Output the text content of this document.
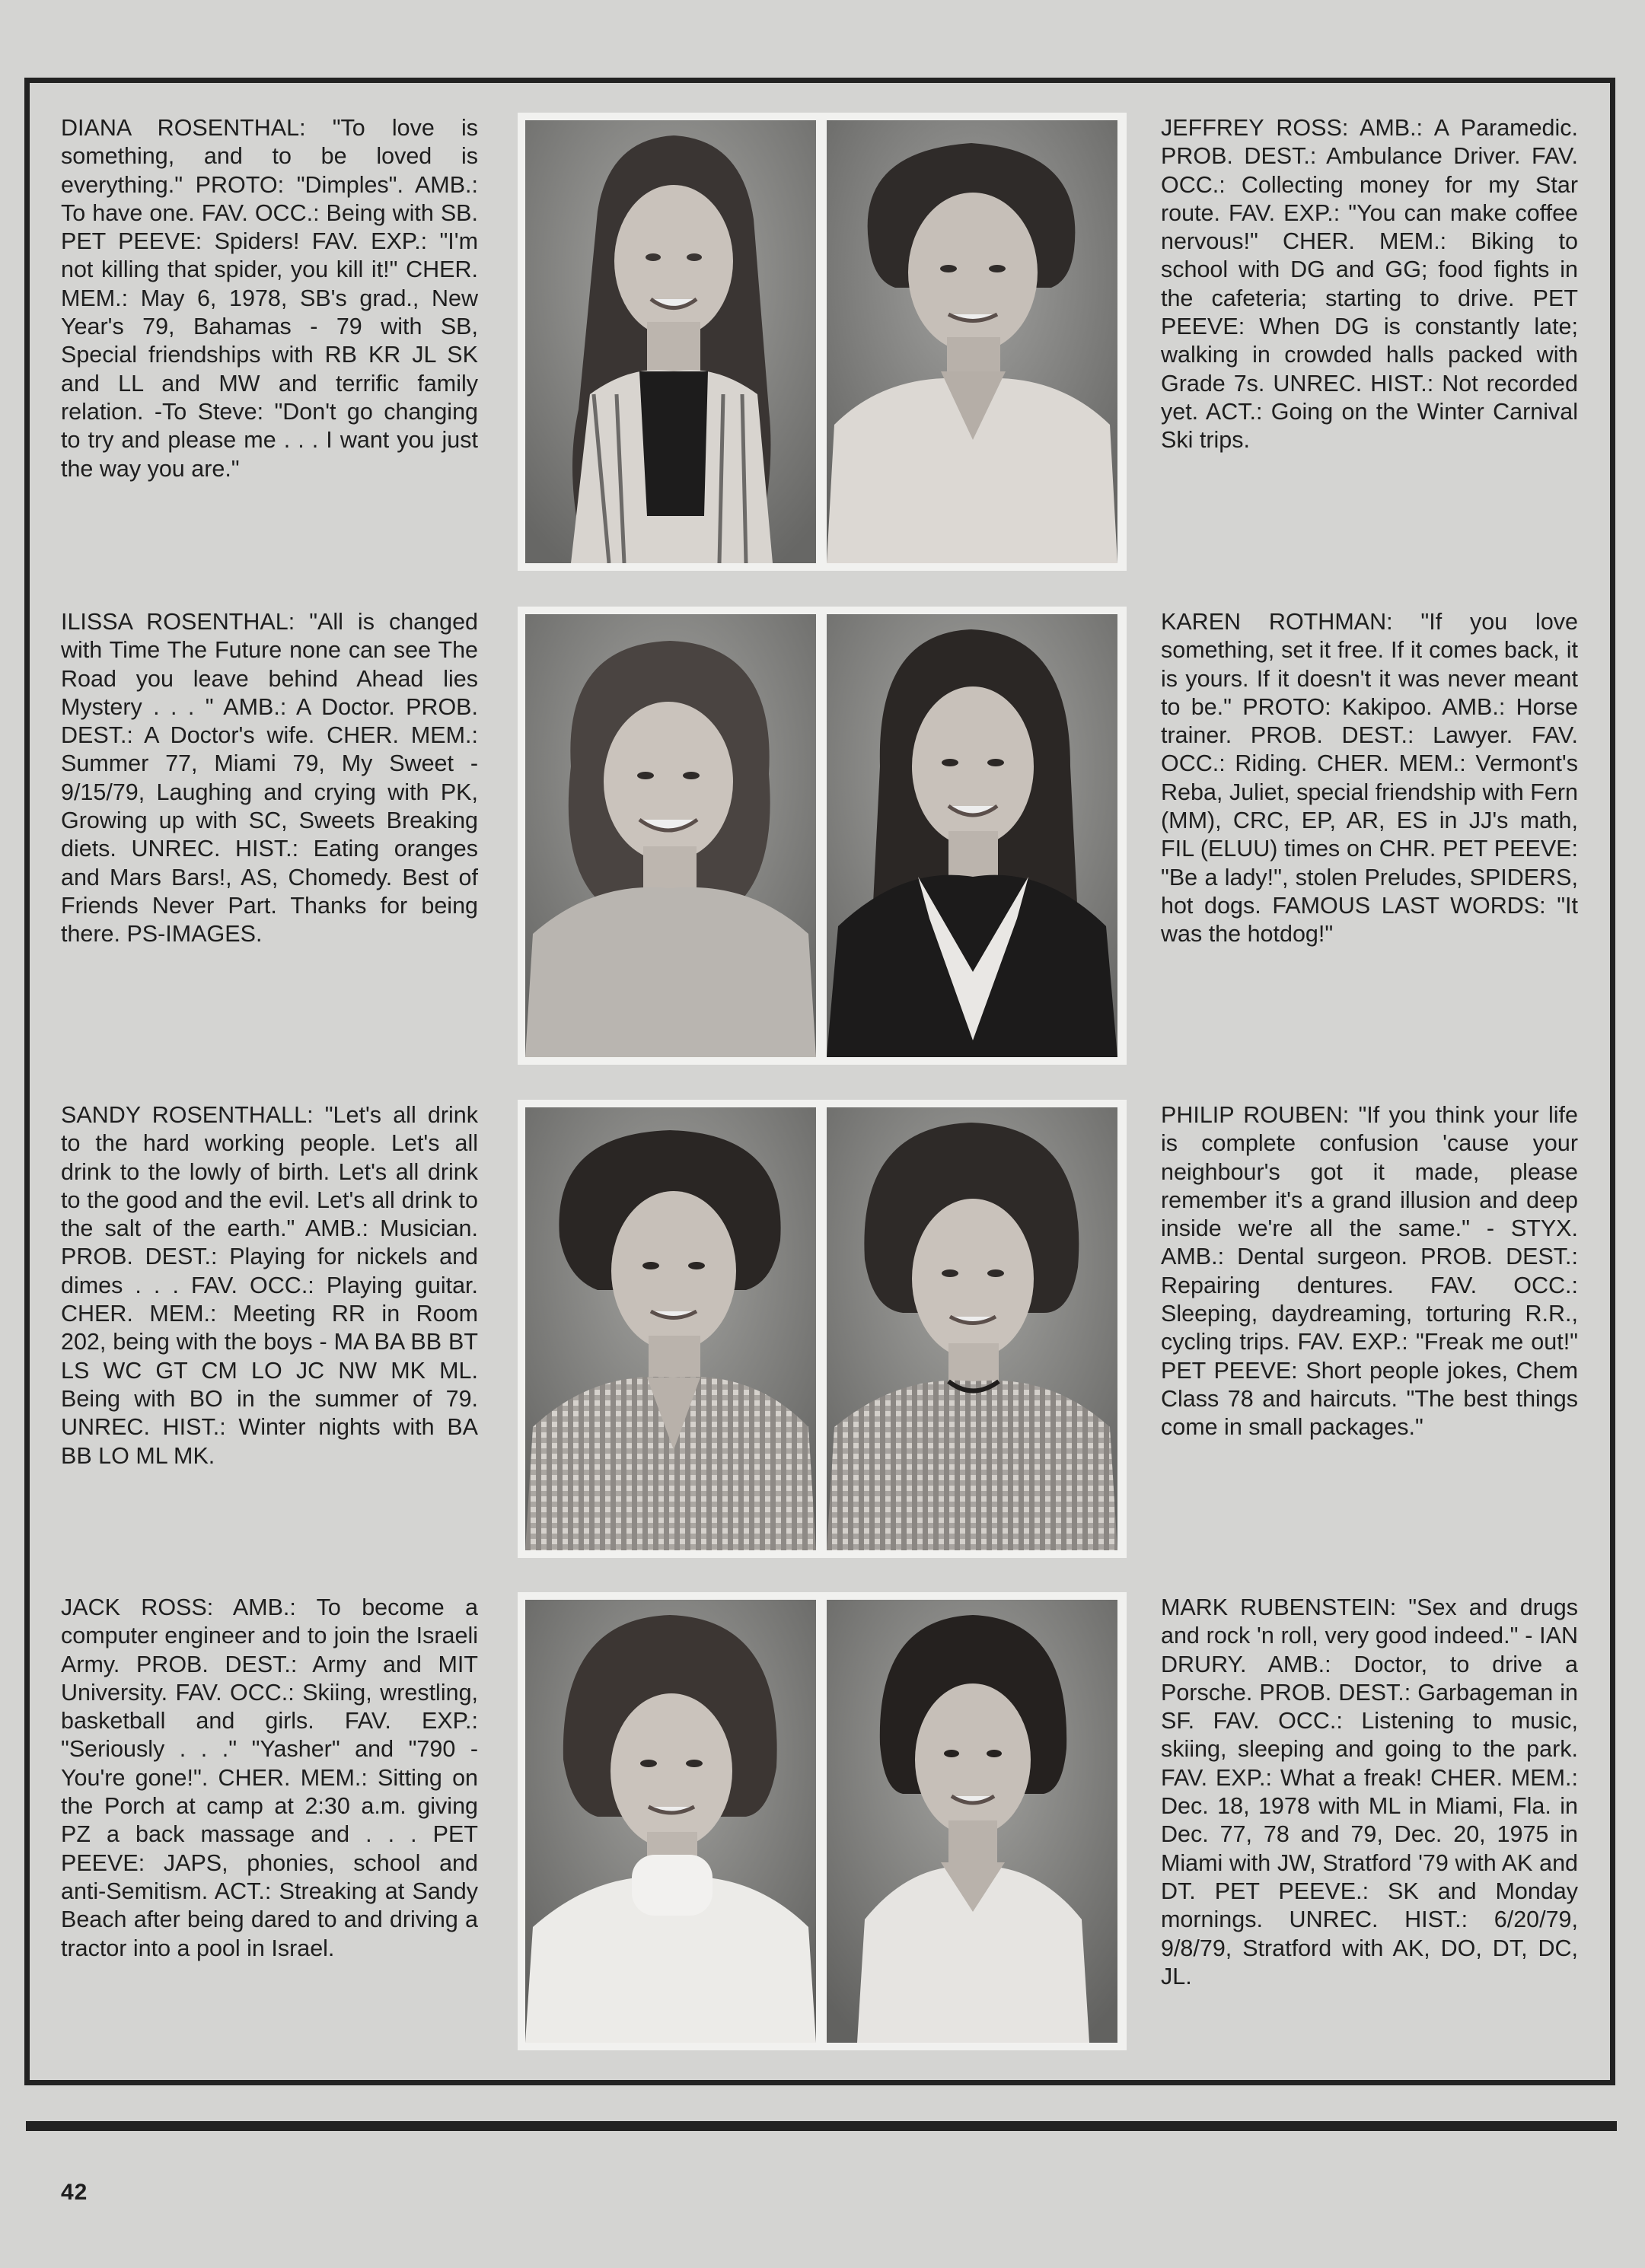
DIANA ROSENTHAL: "To love is something, and to be loved is everything." PROTO: "Dimples". AMB.: To have one. FAV. OCC.: Being with SB. PET PEEVE: Spiders! FAV. EXP.: "I'm not killing that spider, you kill it!" CHER. MEM.: May 6, 1978, SB's grad., New Year's 79, Bahamas - 79 with SB, Special friendships with RB KR JL SK and LL and MW and terrific family relation. -To Steve: "Don't go changing to try and please me . . . I want you just the way you are."

JEFFREY ROSS: AMB.: A Paramedic. PROB. DEST.: Ambulance Driver. FAV. OCC.: Collecting money for my Star route. FAV. EXP.: "You can make coffee nervous!" CHER. MEM.: Biking to school with DG and GG; food fights in the cafeteria; starting to drive. PET PEEVE: When DG is constantly late; walking in crowded halls packed with Grade 7s. UNREC. HIST.: Not recorded yet. ACT.: Going on the Winter Carnival Ski trips.

ILISSA ROSENTHAL: "All is changed with Time The Future none can see The Road you leave behind Ahead lies Mystery . . . " AMB.: A Doctor. PROB. DEST.: A Doctor's wife. CHER. MEM.: Summer 77, Miami 79, My Sweet - 9/15/79, Laughing and crying with PK, Growing up with SC, Sweets Breaking diets. UNREC. HIST.: Eating oranges and Mars Bars!, AS, Chomedy. Best of Friends Never Part. Thanks for being there. PS-IMAGES.

KAREN ROTHMAN: "If you love something, set it free. If it comes back, it is yours. If it doesn't it was never meant to be." PROTO: Kakipoo. AMB.: Horse trainer. PROB. DEST.: Lawyer. FAV. OCC.: Riding. CHER. MEM.: Vermont's Reba, Juliet, special friendship with Fern (MM), CRC, EP, AR, ES in JJ's math, FIL (ELUU) times on CHR. PET PEEVE: "Be a lady!", stolen Preludes, SPIDERS, hot dogs. FAMOUS LAST WORDS: "It was the hotdog!"

SANDY ROSENTHALL: "Let's all drink to the hard working people. Let's all drink to the lowly of birth. Let's all drink to the good and the evil. Let's all drink to the salt of the earth." AMB.: Musician. PROB. DEST.: Playing for nickels and dimes . . . FAV. OCC.: Playing guitar. CHER. MEM.: Meeting RR in Room 202, being with the boys - MA BA BB BT LS WC GT CM LO JC NW MK ML. Being with BO in the summer of 79. UNREC. HIST.: Winter nights with BA BB LO ML MK.

PHILIP ROUBEN: "If you think your life is complete confusion 'cause your neighbour's got it made, please remember it's a grand illusion and deep inside we're all the same." - STYX. AMB.: Dental surgeon. PROB. DEST.: Repairing dentures. FAV. OCC.: Sleeping, daydreaming, torturing R.R., cycling trips. FAV. EXP.: "Freak me out!" PET PEEVE: Short people jokes, Chem Class 78 and haircuts. "The best things come in small packages."

JACK ROSS: AMB.: To become a computer engineer and to join the Israeli Army. PROB. DEST.: Army and MIT University. FAV. OCC.: Skiing, wrestling, basketball and girls. FAV. EXP.: "Seriously . . ." "Yasher" and "790 - You're gone!". CHER. MEM.: Sitting on the Porch at camp at 2:30 a.m. giving PZ a back massage and . . . PET PEEVE: JAPS, phonies, school and anti-Semitism. ACT.: Streaking at Sandy Beach after being dared to and driving a tractor into a pool in Israel.

MARK RUBENSTEIN: "Sex and drugs and rock 'n roll, very good indeed." - IAN DRURY. AMB.: Doctor, to drive a Porsche. PROB. DEST.: Garbageman in SF. FAV. OCC.: Listening to music, skiing, sleeping and going to the park. FAV. EXP.: What a freak! CHER. MEM.: Dec. 18, 1978 with ML in Miami, Fla. in Dec. 77, 78 and 79, Dec. 20, 1975 in Miami with JW, Stratford '79 with AK and DT. PET PEEVE.: SK and Monday mornings. UNREC. HIST.: 6/20/79, 9/8/79, Stratford with AK, DO, DT, DC, JL.

42
